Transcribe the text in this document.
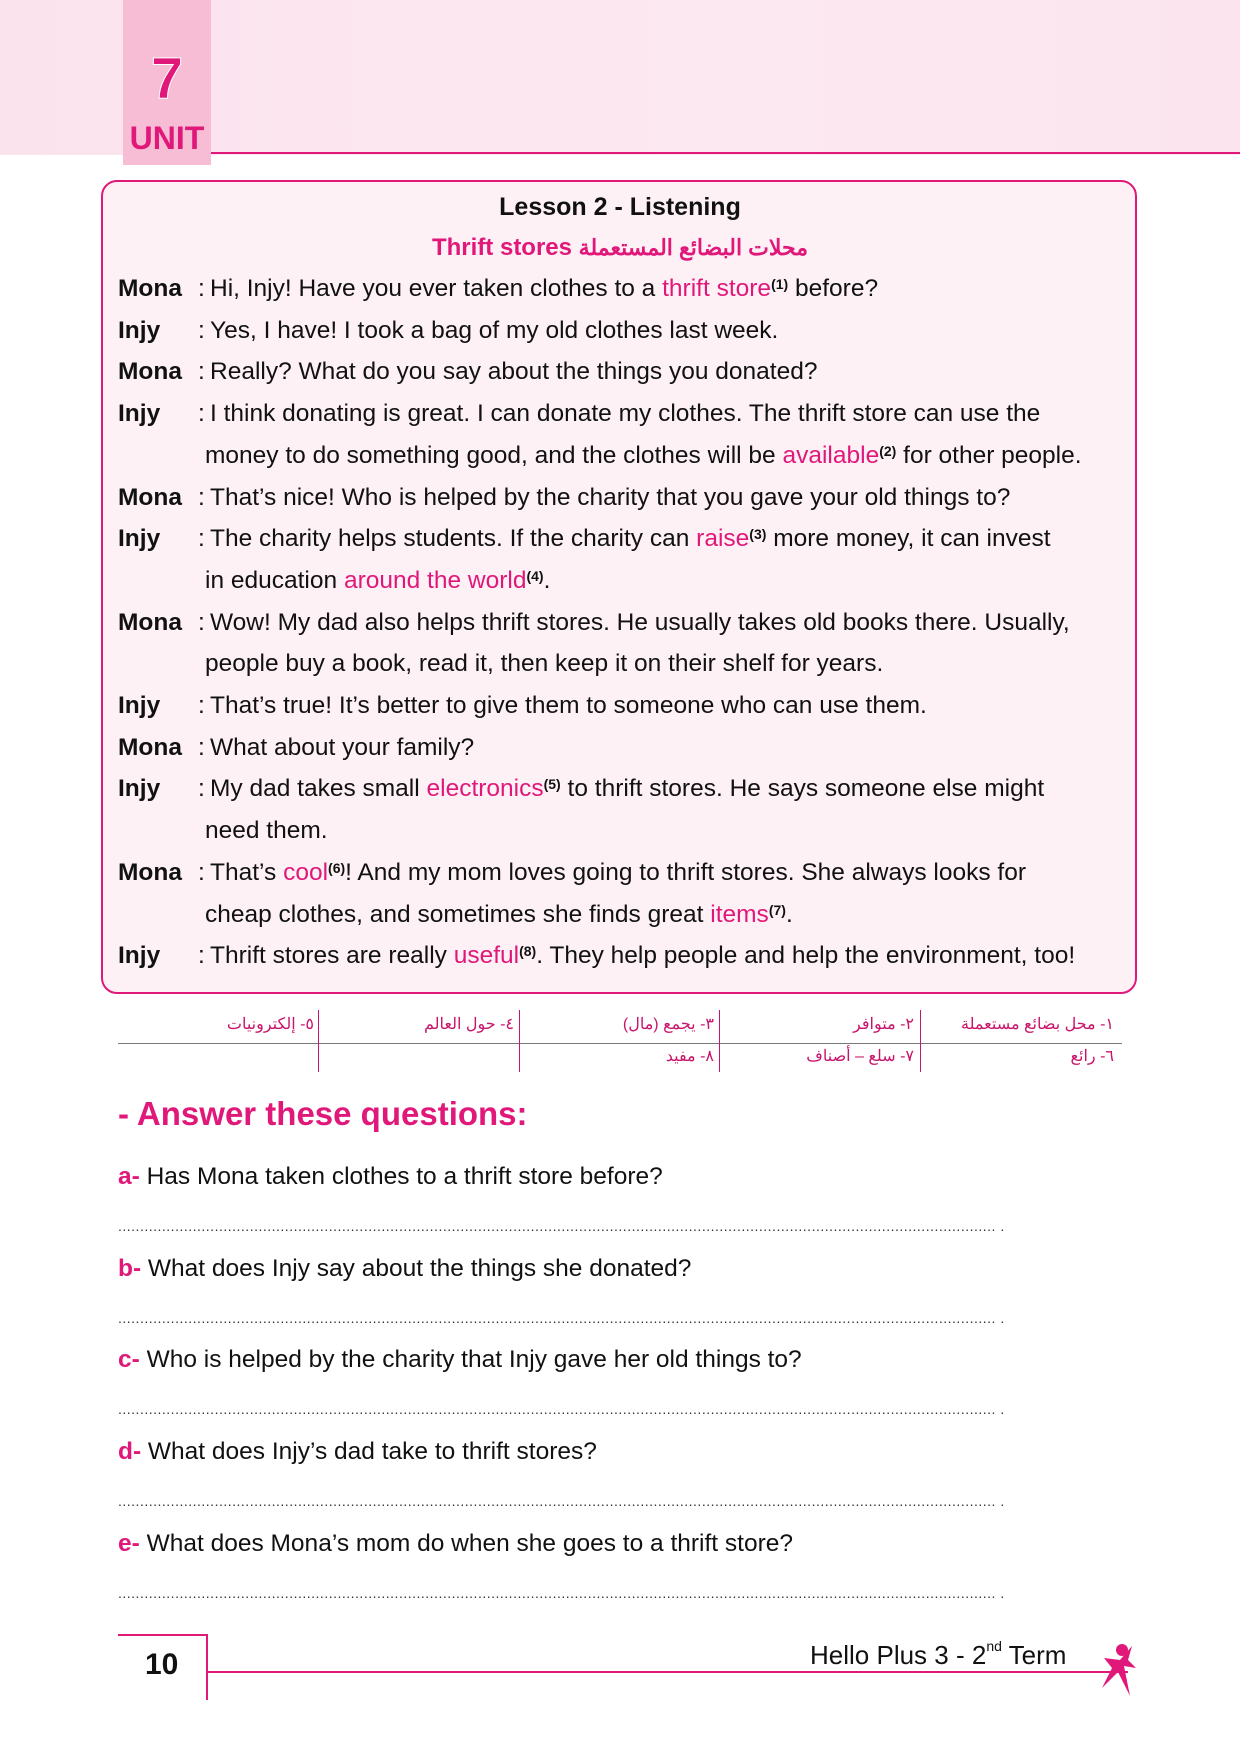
7
UNIT
Lesson 2 - Listening
Thrift stores محلات البضائع المستعملة
Mona : Hi, Injy! Have you ever taken clothes to a thrift store$^{(1)}$ before?
Injy	: Yes, I have! I took a bag of my old clothes last week.
Mona : Really? What do you say about the things you donated?
Injy	: I think donating is great. I can donate my clothes. The thrift store can use the
money to do something good, and the clothes will be available$^{(2)}$ for other people.
Mona : That’s nice! Who is helped by the charity that you gave your old things to?
Injy	: The charity helps students. If the charity can raise$^{(3)}$ more money, it can invest
in education around the world$^{(4)}$.
Mona : Wow! My dad also helps thrift stores. He usually takes old books there. Usually,
people buy a book, read it, then keep it on their shelf for years.
Injy	: That’s true! It’s better to give them to someone who can use them.
Mona : What about your family?
Injy	: My dad takes small electronics$^{(5)}$ to thrift stores. He says someone else might
need them.
Mona : That’s cool$^{(6)}$! And my mom loves going to thrift stores. She always looks for
cheap clothes, and sometimes she finds great items$^{(7)}$.
Injy	: Thrift stores are really useful$^{(8)}$. They help people and help the environment, too!
١- محل بضائع مستعملة
٢- متوافر
٣- يجمع (مال)
٤- حول العالم
٥- إلكترونيات
٦- رائع
٧- سلع – أصناف
٨- مفيد
- Answer these questions:
a- Has Mona taken clothes to a thrift store before?
........................................................................................................................................................................................................ .
b- What does Injy say about the things she donated?
........................................................................................................................................................................................................ .
c- Who is helped by the charity that Injy gave her old things to?
........................................................................................................................................................................................................ .
d- What does Injy’s dad take to thrift stores?
........................................................................................................................................................................................................ .
e- What does Mona’s mom do when she goes to a thrift store?
........................................................................................................................................................................................................ .
10	Hello Plus 3 - 2nd Term
